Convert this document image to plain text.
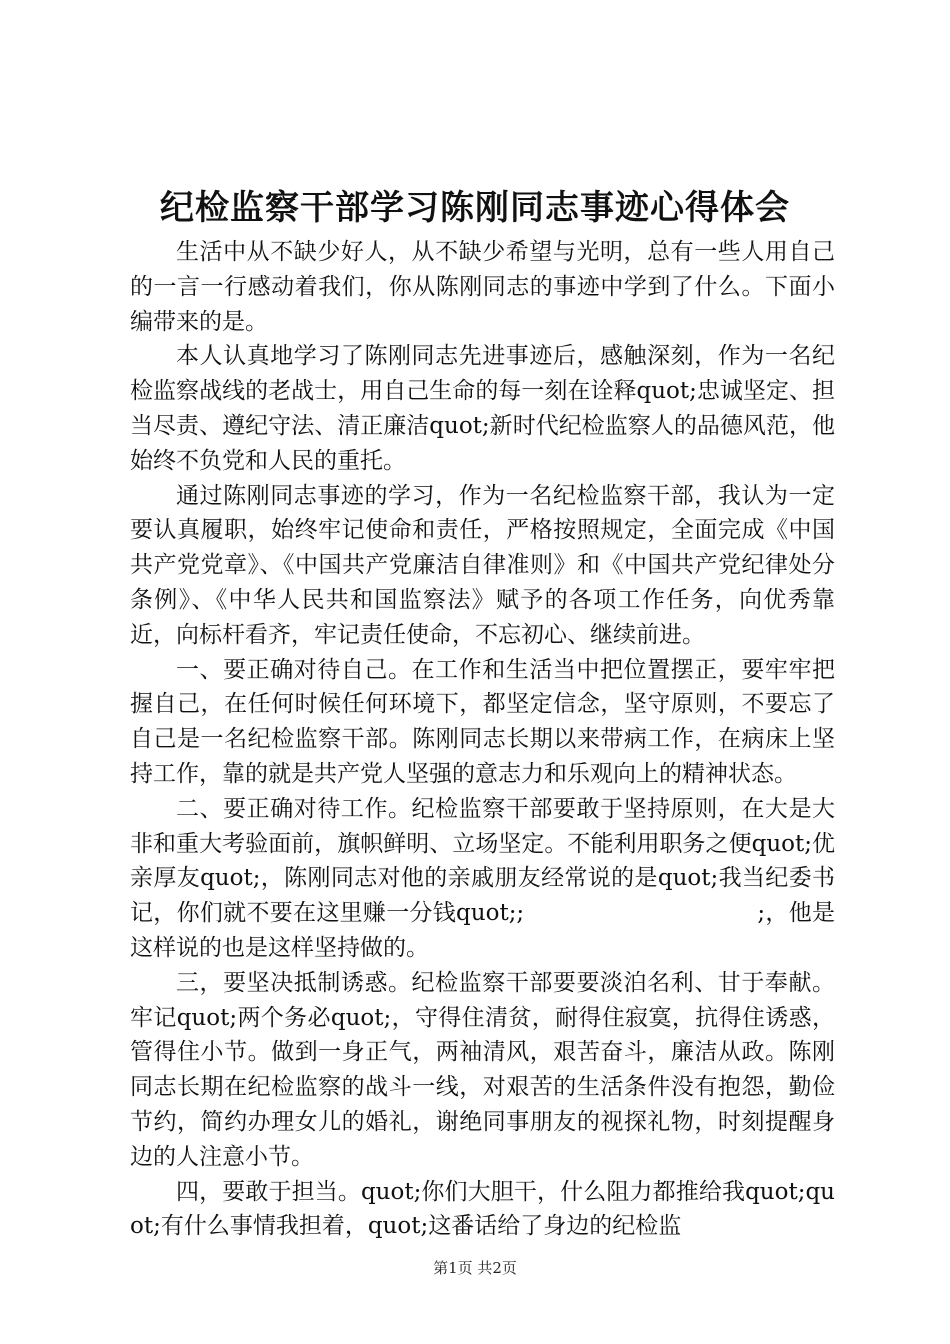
纪检监察干部学习陈刚同志事迹心得体会

生活中从不缺少好人，从不缺少希望与光明，总有一些人用自己的一言一行感动着我们，你从陈刚同志的事迹中学到了什么。下面小编带来的是。

本人认真地学习了陈刚同志先进事迹后，感触深刻，作为一名纪检监察战线的老战士，用自己生命的每一刻在诠释quot;忠诚坚定、担当尽责、遵纪守法、清正廉洁quot;新时代纪检监察人的品德风范，他始终不负党和人民的重托。

通过陈刚同志事迹的学习，作为一名纪检监察干部，我认为一定要认真履职，始终牢记使命和责任，严格按照规定，全面完成《中国共产党党章》、《中国共产党廉洁自律准则》和《中国共产党纪律处分条例》、《中华人民共和国监察法》赋予的各项工作任务，向优秀靠近，向标杆看齐，牢记责任使命，不忘初心、继续前进。

一、要正确对待自己。在工作和生活当中把位置摆正，要牢牢把握自己，在任何时候任何环境下，都坚定信念，坚守原则，不要忘了自己是一名纪检监察干部。陈刚同志长期以来带病工作，在病床上坚持工作，靠的就是共产党人坚强的意志力和乐观向上的精神状态。

二、要正确对待工作。纪检监察干部要敢于坚持原则，在大是大非和重大考验面前，旗帜鲜明、立场坚定。不能利用职务之便quot;优亲厚友quot;，陈刚同志对他的亲戚朋友经常说的是quot;我当纪委书记，你们就不要在这里赚一分钱quot;;　　　　　　　　　　;，他是这样说的也是这样坚持做的。

三，要坚决抵制诱惑。纪检监察干部要要淡泊名利、甘于奉献。牢记quot;两个务必quot;，守得住清贫，耐得住寂寞，抗得住诱惑，管得住小节。做到一身正气，两袖清风，艰苦奋斗，廉洁从政。陈刚同志长期在纪检监察的战斗一线，对艰苦的生活条件没有抱怨，勤俭节约，简约办理女儿的婚礼，谢绝同事朋友的视探礼物，时刻提醒身边的人注意小节。

四，要敢于担当。quot;你们大胆干，什么阻力都推给我quot;quot;有什么事情我担着，quot;这番话给了身边的纪检监

第1页 共2页
